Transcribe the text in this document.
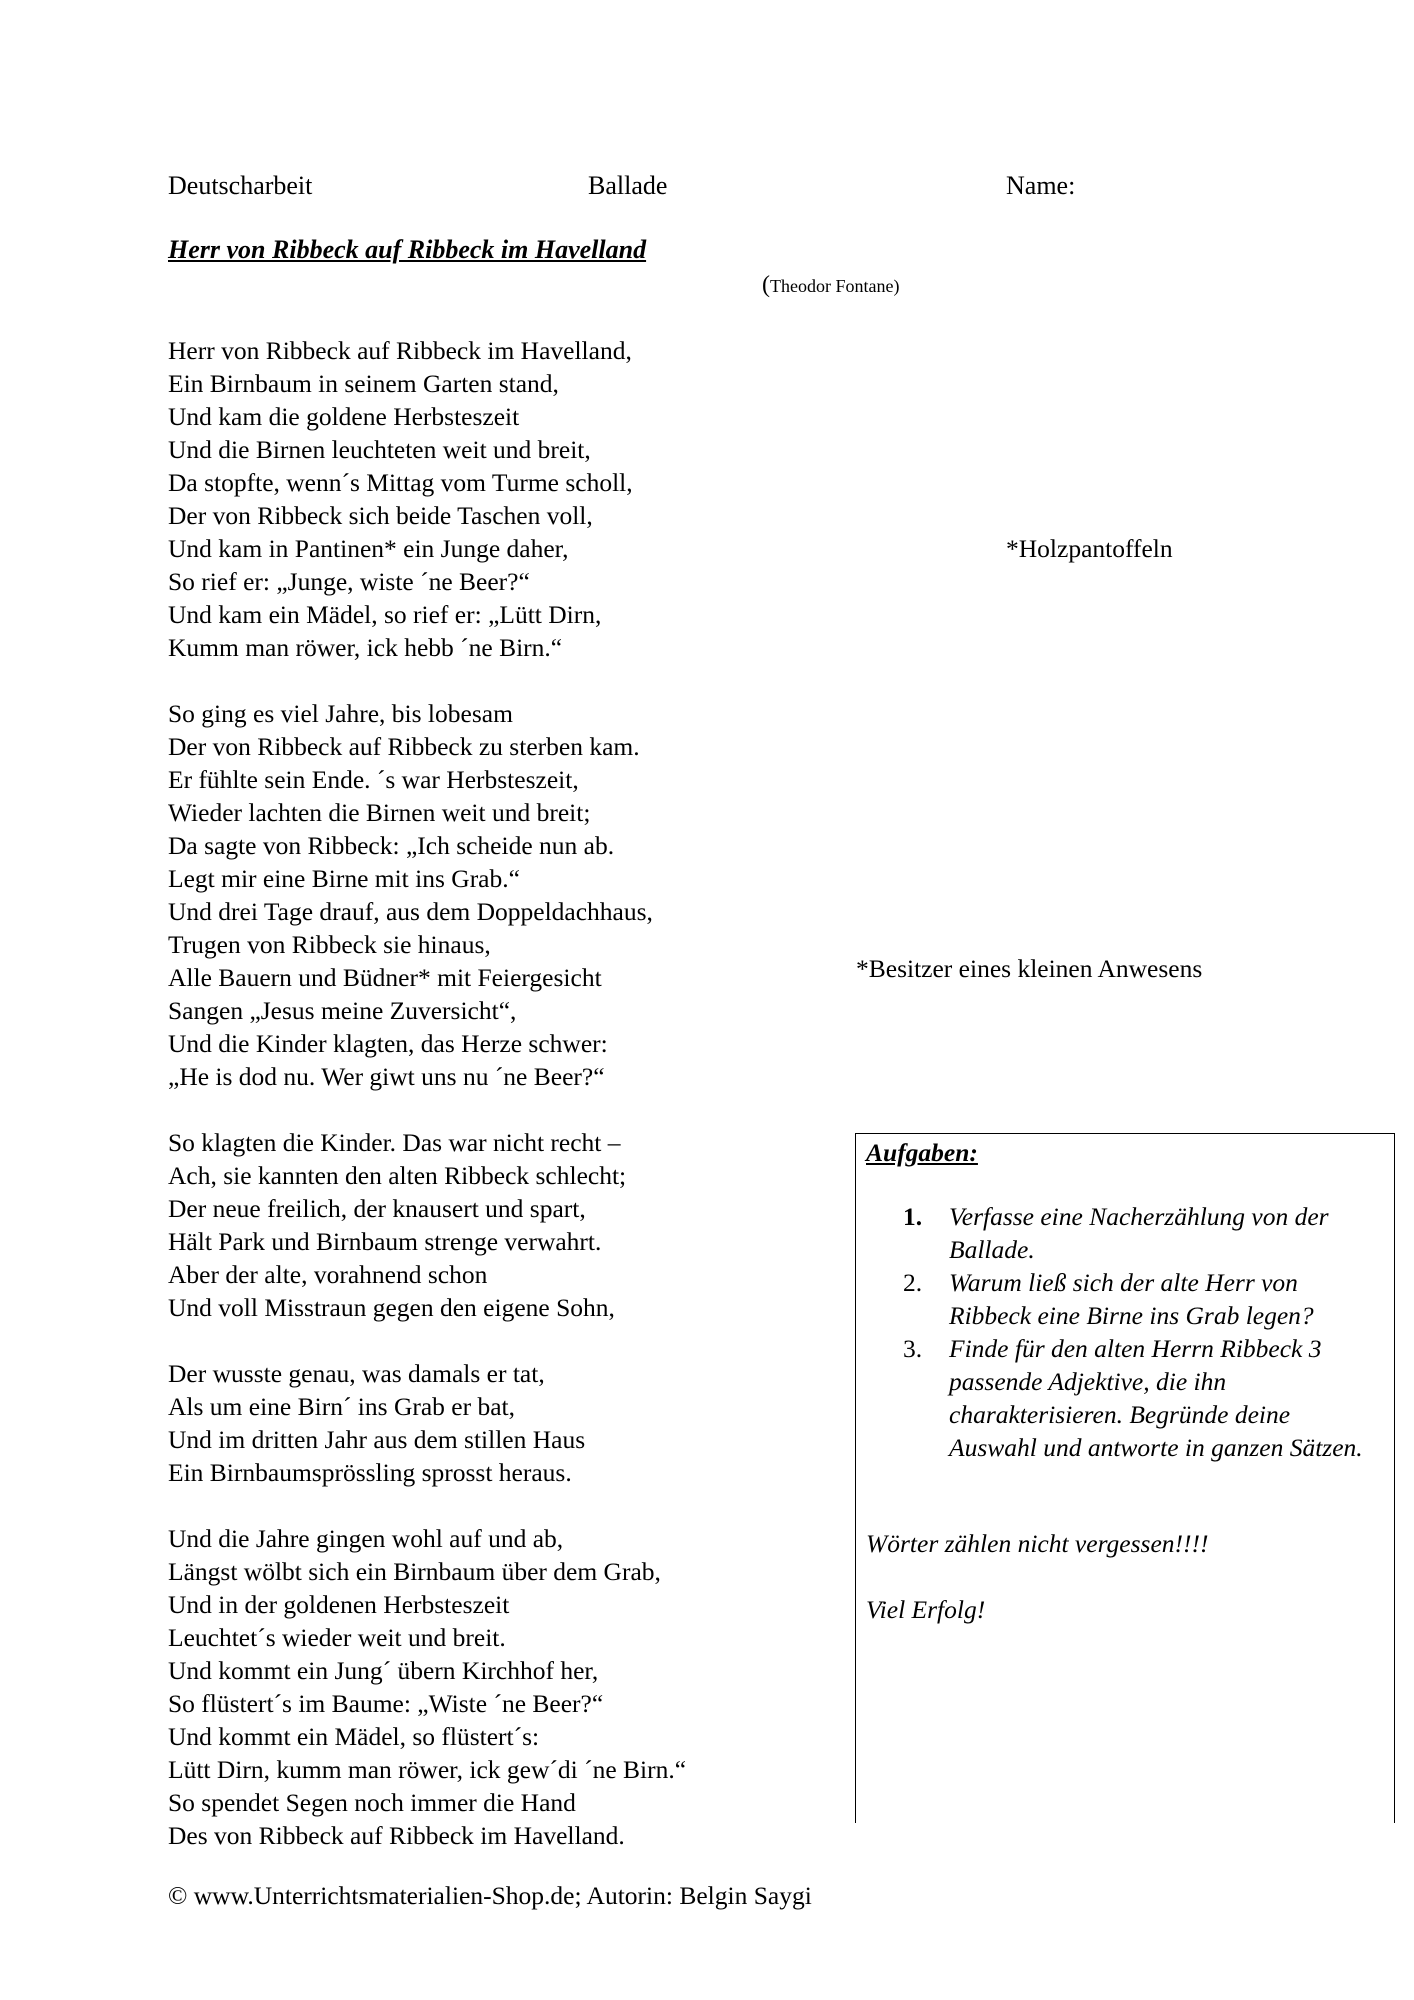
Deutscharbeit	Ballade	Name:
Herr von Ribbeck auf Ribbeck im Havelland
(Theodor Fontane)
Herr von Ribbeck auf Ribbeck im Havelland,
Ein Birnbaum in seinem Garten stand,
Und kam die goldene Herbsteszeit
Und die Birnen leuchteten weit und breit,
Da stopfte, wenn´s Mittag vom Turme scholl,
Der von Ribbeck sich beide Taschen voll,
Und kam in Pantinen* ein Junge daher,
So rief er: „Junge, wiste ´ne Beer?“
Und kam ein Mädel, so rief er: „Lütt Dirn,
Kumm man röwer, ick hebb ´ne Birn.“
So ging es viel Jahre, bis lobesam
Der von Ribbeck auf Ribbeck zu sterben kam.
Er fühlte sein Ende. ´s war Herbsteszeit,
Wieder lachten die Birnen weit und breit;
Da sagte von Ribbeck: „Ich scheide nun ab.
Legt mir eine Birne mit ins Grab.“
Und drei Tage drauf, aus dem Doppeldachhaus,
Trugen von Ribbeck sie hinaus,
Alle Bauern und Büdner* mit Feiergesicht
Sangen „Jesus meine Zuversicht“,
Und die Kinder klagten, das Herze schwer:
„He is dod nu. Wer giwt uns nu ´ne Beer?“
So klagten die Kinder. Das war nicht recht –
Ach, sie kannten den alten Ribbeck schlecht;
Der neue freilich, der knausert und spart,
Hält Park und Birnbaum strenge verwahrt.
Aber der alte, vorahnend schon
Und voll Misstraun gegen den eigene Sohn,
Der wusste genau, was damals er tat,
Als um eine Birn´ ins Grab er bat,
Und im dritten Jahr aus dem stillen Haus
Ein Birnbaumsprössling sprosst heraus.
Und die Jahre gingen wohl auf und ab,
Längst wölbt sich ein Birnbaum über dem Grab,
Und in der goldenen Herbsteszeit
Leuchtet´s wieder weit und breit.
Und kommt ein Jung´ übern Kirchhof her,
So flüstert´s im Baume: „Wiste ´ne Beer?“
Und kommt ein Mädel, so flüstert´s:
Lütt Dirn, kumm man röwer, ick gew´di ´ne Birn.“
So spendet Segen noch immer die Hand
Des von Ribbeck auf Ribbeck im Havelland.
*Holzpantoffeln
*Besitzer eines kleinen Anwesens
Aufgaben:
1.	Verfasse eine Nacherzählung von der Ballade.
2.	Warum ließ sich der alte Herr von Ribbeck eine Birne ins Grab legen?
3.	Finde für den alten Herrn Ribbeck 3 passende Adjektive, die ihn charakterisieren. Begründe deine Auswahl und antworte in ganzen Sätzen.
Wörter zählen nicht vergessen!!!!
Viel Erfolg!
© www.Unterrichtsmaterialien-Shop.de; Autorin: Belgin Saygi
